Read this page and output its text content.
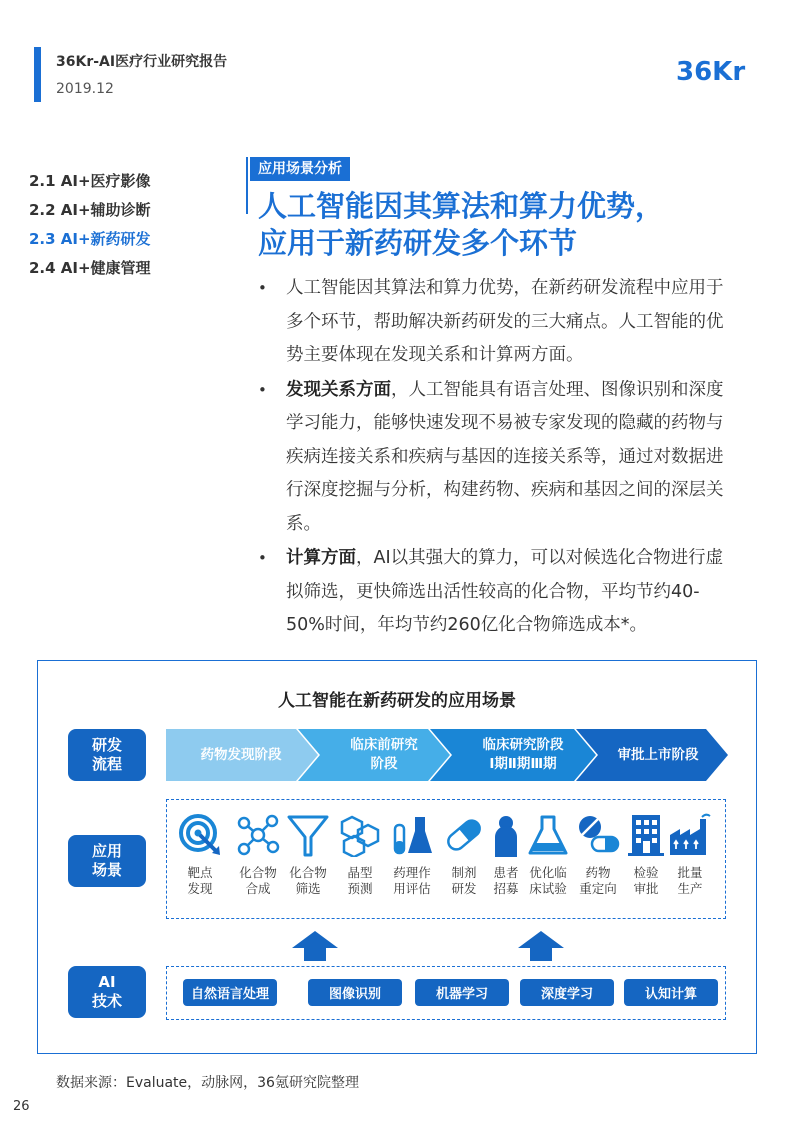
36Kr-AI医疗行业研究报告
2019.12
36Kr
2.1 AI+医疗影像
2.2 AI+辅助诊断
2.3 AI+新药研发
2.4 AI+健康管理
应用场景分析
人工智能因其算法和算力优势，
应用于新药研发多个环节
• 人工智能因其算法和算力优势，在新药研发流程中应用于多个环节，帮助解决新药研发的三大痛点。人工智能的优势主要体现在发现关系和计算两方面。
• 发现关系方面，人工智能具有语言处理、图像识别和深度学习能力，能够快速发现不易被专家发现的隐藏的药物与疾病连接关系和疾病与基因的连接关系等，通过对数据进行深度挖掘与分析，构建药物、疾病和基因之间的深层关系。
• 计算方面，AI以其强大的算力，可以对候选化合物进行虚拟筛选，更快筛选出活性较高的化合物，平均节约40-50%时间，年均节约260亿化合物筛选成本*。
人工智能在新药研发的应用场景
研发
流程
应用
场景
AI
技术
药物发现阶段
临床前研究
阶段
临床研究阶段
Ⅰ期Ⅱ期Ⅲ期
审批上市阶段
靶点
发现
化合物
合成
化合物
筛选
晶型
预测
药理作
用评估
制剂
研发
患者
招募
优化临
床试验
药物
重定向
检验
审批
批量
生产
自然语言处理	图像识别	机器学习	深度学习	认知计算
数据来源：Evaluate，动脉网，36氪研究院整理
26
